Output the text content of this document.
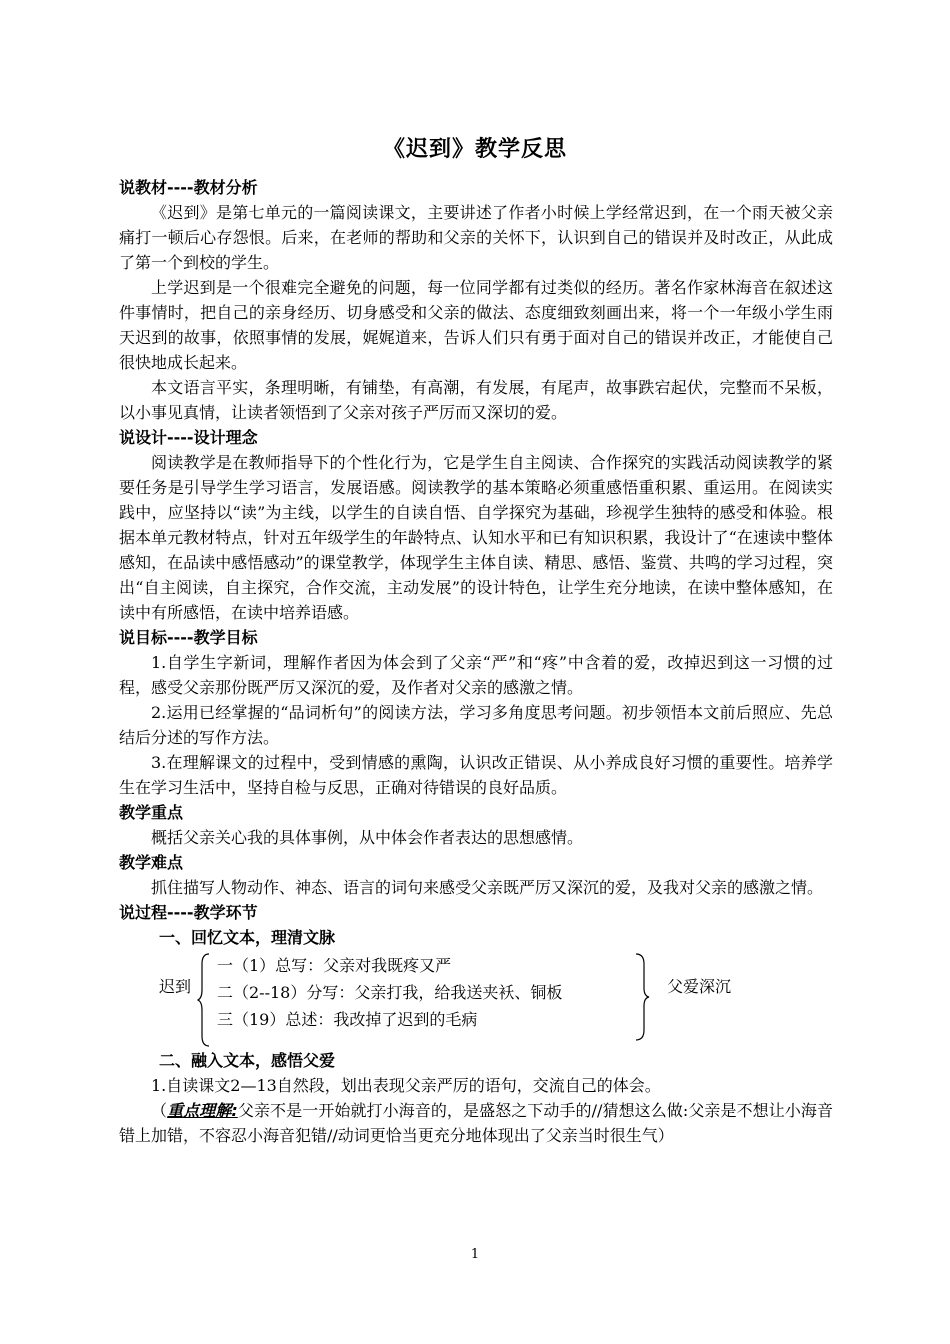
《迟到》教学反思

说教材----教材分析

《迟到》是第七单元的一篇阅读课文，主要讲述了作者小时候上学经常迟到，在一个雨天被父亲痛打一顿后心存怨恨。后来，在老师的帮助和父亲的关怀下，认识到自己的错误并及时改正，从此成了第一个到校的学生。

上学迟到是一个很难完全避免的问题，每一位同学都有过类似的经历。著名作家林海音在叙述这件事情时，把自己的亲身经历、切身感受和父亲的做法、态度细致刻画出来，将一个一年级小学生雨天迟到的故事，依照事情的发展，娓娓道来，告诉人们只有勇于面对自己的错误并改正，才能使自己很快地成长起来。

本文语言平实，条理明晰，有铺垫，有高潮，有发展，有尾声，故事跌宕起伏，完整而不呆板，以小事见真情，让读者领悟到了父亲对孩子严厉而又深切的爱。

说设计----设计理念

阅读教学是在教师指导下的个性化行为，它是学生自主阅读、合作探究的实践活动阅读教学的紧要任务是引导学生学习语言，发展语感。阅读教学的基本策略必须重感悟重积累、重运用。在阅读实践中，应坚持以“读”为主线，以学生的自读自悟、自学探究为基础，珍视学生独特的感受和体验。根据本单元教材特点，针对五年级学生的年龄特点、认知水平和已有知识积累，我设计了“在速读中整体感知，在品读中感悟感动”的课堂教学，体现学生主体自读、精思、感悟、鉴赏、共鸣的学习过程，突出“自主阅读，自主探究，合作交流，主动发展”的设计特色，让学生充分地读，在读中整体感知，在读中有所感悟，在读中培养语感。

说目标----教学目标

1.自学生字新词，理解作者因为体会到了父亲“严”和“疼”中含着的爱，改掉迟到这一习惯的过程，感受父亲那份既严厉又深沉的爱，及作者对父亲的感激之情。

2.运用已经掌握的“品词析句”的阅读方法，学习多角度思考问题。初步领悟本文前后照应、先总结后分述的写作方法。

3.在理解课文的过程中，受到情感的熏陶，认识改正错误、从小养成良好习惯的重要性。培养学生在学习生活中，坚持自检与反思，正确对待错误的良好品质。

教学重点

概括父亲关心我的具体事例，从中体会作者表达的思想感情。

教学难点

抓住描写人物动作、神态、语言的词句来感受父亲既严厉又深沉的爱，及我对父亲的感激之情。

说过程----教学环节

一、回忆文本，理清文脉

迟到
一（1）总写：父亲对我既疼又严
二（2--18）分写：父亲打我，给我送夹袄、铜板
三（19）总述：我改掉了迟到的毛病
父爱深沉

二、融入文本，感悟父爱

1.自读课文2—13自然段，划出表现父亲严厉的语句，交流自己的体会。

（重点理解:父亲不是一开始就打小海音的，是盛怒之下动手的//猜想这么做:父亲是不想让小海音错上加错，不容忍小海音犯错//动词更恰当更充分地体现出了父亲当时很生气）

1
